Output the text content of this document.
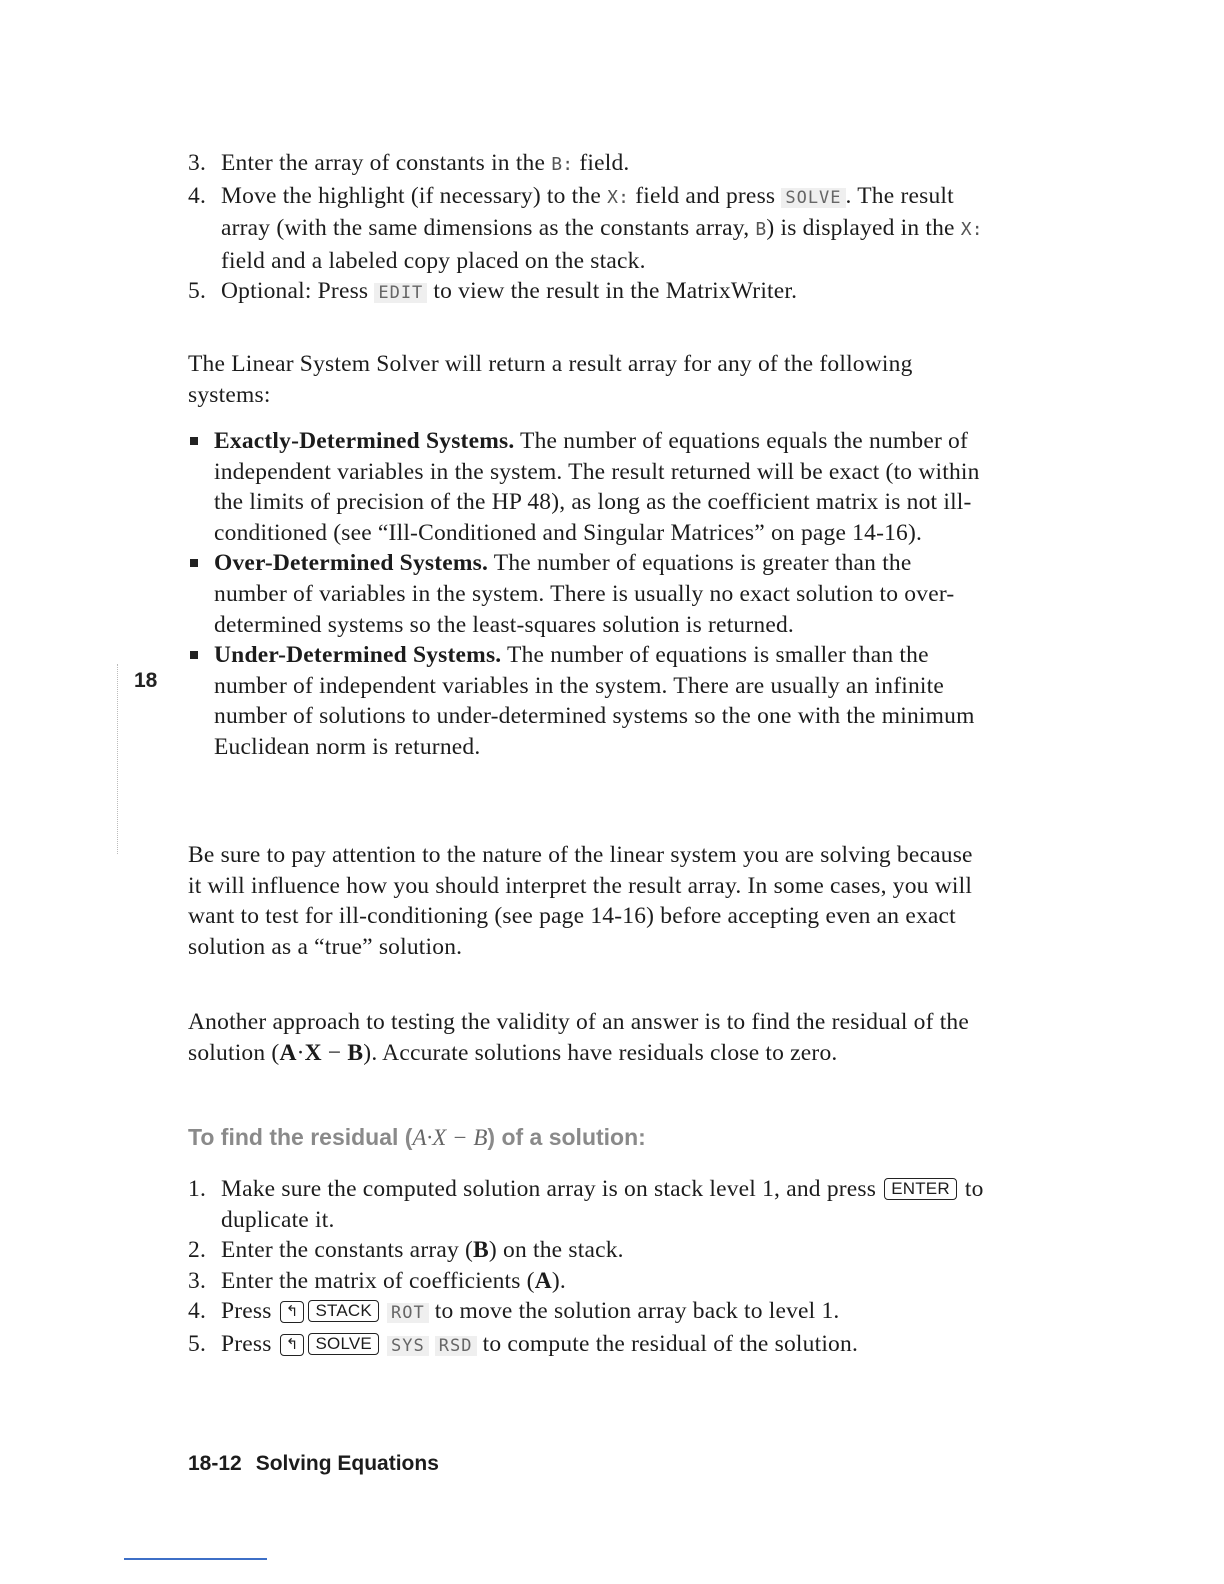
3. Enter the array of constants in the B: field.
4. Move the highlight (if necessary) to the X: field and press SOLVE . The result array (with the same dimensions as the constants array, B) is displayed in the X: field and a labeled copy placed on the stack.
5. Optional: Press EDIT to view the result in the MatrixWriter.
The Linear System Solver will return a result array for any of the following systems:
Exactly-Determined Systems. The number of equations equals the number of independent variables in the system. The result returned will be exact (to within the limits of precision of the HP 48), as long as the coefficient matrix is not ill-conditioned (see “Ill-Conditioned and Singular Matrices” on page 14-16).
Over-Determined Systems. The number of equations is greater than the number of variables in the system. There is usually no exact solution to over-determined systems so the least-squares solution is returned.
Under-Determined Systems. The number of equations is smaller than the number of independent variables in the system. There are usually an infinite number of solutions to under-determined systems so the one with the minimum Euclidean norm is returned.
18
Be sure to pay attention to the nature of the linear system you are solving because it will influence how you should interpret the result array. In some cases, you will want to test for ill-conditioning (see page 14-16) before accepting even an exact solution as a “true” solution.
Another approach to testing the validity of an answer is to find the residual of the solution (A·X − B). Accurate solutions have residuals close to zero.
To find the residual (A·X − B) of a solution:
1. Make sure the computed solution array is on stack level 1, and press ENTER to duplicate it.
2. Enter the constants array (B) on the stack.
3. Enter the matrix of coefficients (A).
4. Press ↰ STACK ROT to move the solution array back to level 1.
5. Press ↰ SOLVE SYS RSD to compute the residual of the solution.
18-12 Solving Equations
